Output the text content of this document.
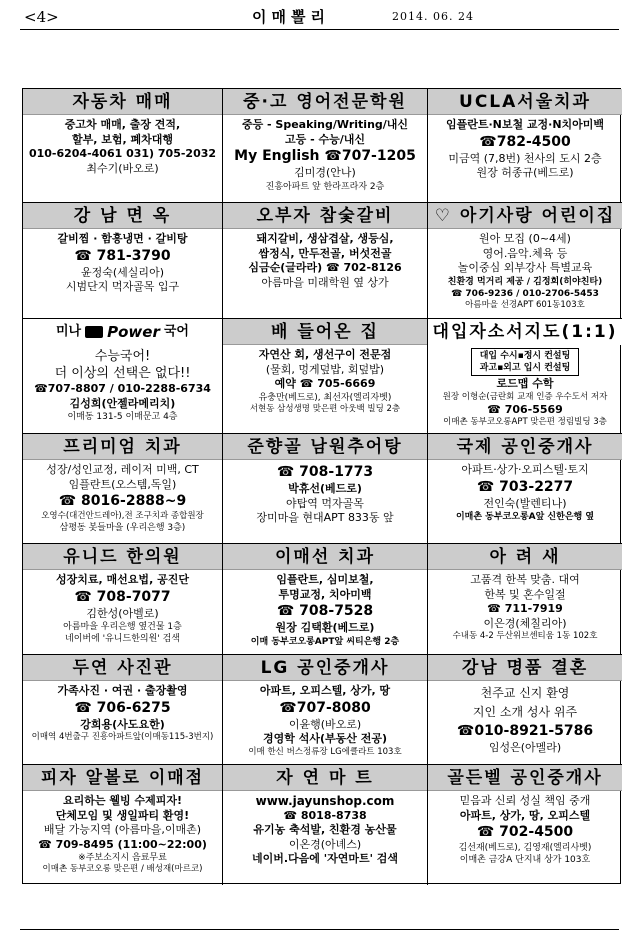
<4>	이매뽈리	2014. 06. 24
자동차 매매
중고차 매매, 출장 견적,
할부, 보험, 폐차대행
010-6204-4061 031) 705-2032
최수기(바오로)
중·고 영어전문학원
중등 - Speaking/Writing/내신
고등 - 수능/내신
My English ☎707-1205
김미경(안나)
진흥아파트 앞 한라프라자 2층
UCLA서울치과
임플란트·N보철 교정·N치아미백
☎782-4500
미금역 (7,8번) 천사의 도시 2층
원장 허종규(베드로)
강 남 면 옥
갈비찜 · 함흥냉면 · 갈비탕
☎ 781-3790
윤정숙(세실리아)
시범단지 먹자골목 입구
오부자 참숯갈비
돼지갈비, 생삼겹살, 생등심,
쌈정식, 만두전골, 버섯전골
심금순(글라라) ☎ 702-8126
아름마을 미래학원 옆 상가
♡ 아기사랑 어린이집
원아 모집 (0~4세)
영어.음악.체육 등
놀이중심 외부강사 특별교육
친환경 먹거리 제공 / 김정희(히야친타)
☎ 706-9236 / 010-2706-5453
아름마을 선경APT 601동103호
미나 Power 국어
수능국어!
더 이상의 선택은 없다!!
☎707-8807 / 010-2288-6734
김성희(안젤라메리치)
이매동 131-5 이매문고 4층
배 들어온 집
자연산 회, 생선구이 전문점
(물회, 멍게덮밥, 회덮밥)
예약 ☎ 705-6669
유충만(베드로), 최선자(엘리자벳)
서현동 삼성생명 맞은편 아웃백 빌딩 2층
대입자소서지도(1:1)
대입 수시▪정시 컨설팅
과고▪외고 입시 컨설팅
로드맵 수학
원장 이형순(금란회 교재 인증 우수도서 저자
☎ 706-5569
이매촌 동부코오롱APT 맞은편 정림빌딩 3층
프리미엄 치과
성장/성인교정, 레이저 미백, CT
임플란트(오스템,독일)
☎ 8016-2888~9
오영수(대건안드레아),전 조구치과 종합원장
삼평동 봇들마을 (우리은행 3층)
준향골 남원추어탕
☎ 708-1773
박휴선(베드로)
야탑역 먹자골목
장미마을 현대APT 833동 앞
국제 공인중개사
아파트·상가·오피스텔·토지
☎ 703-2277
전인숙(발렌티나)
이매촌 동부코오롱A앞 신한은행 옆
유니드 한의원
성장치료, 매선요법, 공진단
☎ 708-7077
김한성(아벨로)
아름마을 우리은행 옆건물 1층
네이버에 '유니드한의원' 검색
이매선 치과
임플란트, 심미보철,
투명교정, 치아미백
☎ 708-7528
원장 김택환(베드로)
이매 동부코오롱APT앞 씨티은행 2층
아 려 새
고품격 한복 맞춤. 대여
한복 및 혼수일절
☎ 711-7919
이은경(체칠리아)
수내동 4-2 두산위브센티움 1동 102호
두연 사진관
가족사진 · 여권 · 출장촬영
☎ 706-6275
강희용(사도요한)
이매역 4번출구 진흥아파트앞(이매동115-3번지)
LG 공인중개사
아파트, 오피스텔, 상가, 땅
☎707-8080
이윤행(바오로)
경영학 석사(부동산 전공)
이매 한신 버스정류장 LG에클라트 103호
강남 명품 결혼
천주교 신지 환영
지인 소개 성사 위주
☎010-8921-5786
임성은(아멜라)
피자 알볼로 이매점
요리하는 웰빙 수제피자!
단체모임 및 생일파티 환영!
배달 가능지역 (아름마을,이매촌)
☎ 709-8495 (11:00~22:00)
※주보소지시 음료무료
이매촌 동부코오롱 맞은편 / 배성재(마르코)
자 연 마 트
www.jayunshop.com
☎ 8018-8738
유기농 축석발, 친환경 농산물
이온경(아녜스)
네이버.다음에 '자연마트' 검색
골든벨 공인중개사
믿음과 신뢰 성실 책임 중개
아파트, 상가, 땅, 오피스텔
☎ 702-4500
김선재(베드로), 김영재(엘리사벳)
이매촌 금강A 단지내 상가 103호
